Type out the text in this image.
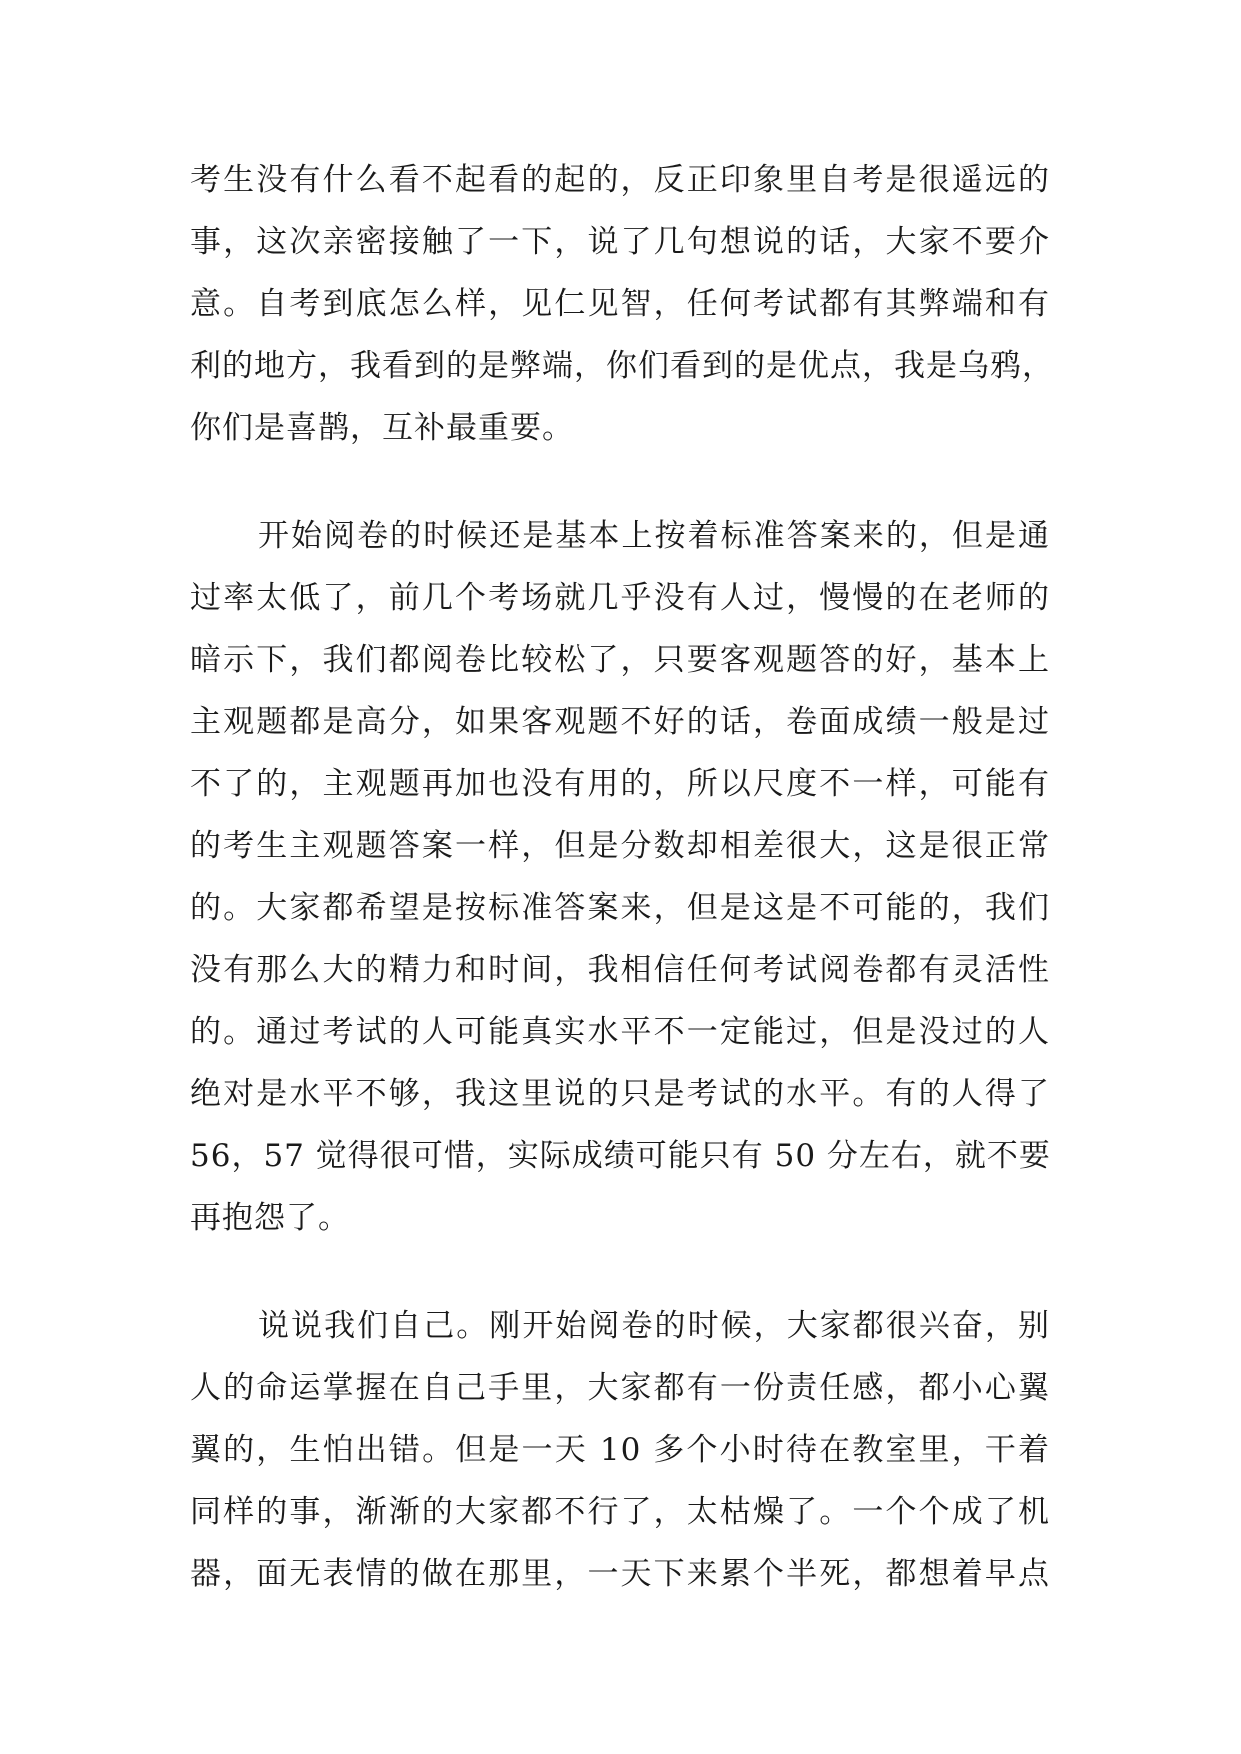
考生没有什么看不起看的起的，反正印象里自考是很遥远的
事，这次亲密接触了一下，说了几句想说的话，大家不要介
意。自考到底怎么样，见仁见智，任何考试都有其弊端和有
利的地方，我看到的是弊端，你们看到的是优点，我是乌鸦，
你们是喜鹊，互补最重要。
开始阅卷的时候还是基本上按着标准答案来的，但是通
过率太低了，前几个考场就几乎没有人过，慢慢的在老师的
暗示下，我们都阅卷比较松了，只要客观题答的好，基本上
主观题都是高分，如果客观题不好的话，卷面成绩一般是过
不了的，主观题再加也没有用的，所以尺度不一样，可能有
的考生主观题答案一样，但是分数却相差很大，这是很正常
的。大家都希望是按标准答案来，但是这是不可能的，我们
没有那么大的精力和时间，我相信任何考试阅卷都有灵活性
的。通过考试的人可能真实水平不一定能过，但是没过的人
绝对是水平不够，我这里说的只是考试的水平。有的人得了
56，57 觉得很可惜，实际成绩可能只有 50 分左右，就不要
再抱怨了。
说说我们自己。刚开始阅卷的时候，大家都很兴奋，别
人的命运掌握在自己手里，大家都有一份责任感，都小心翼
翼的，生怕出错。但是一天 10 多个小时待在教室里，干着
同样的事，渐渐的大家都不行了，太枯燥了。一个个成了机
器，面无表情的做在那里，一天下来累个半死，都想着早点
